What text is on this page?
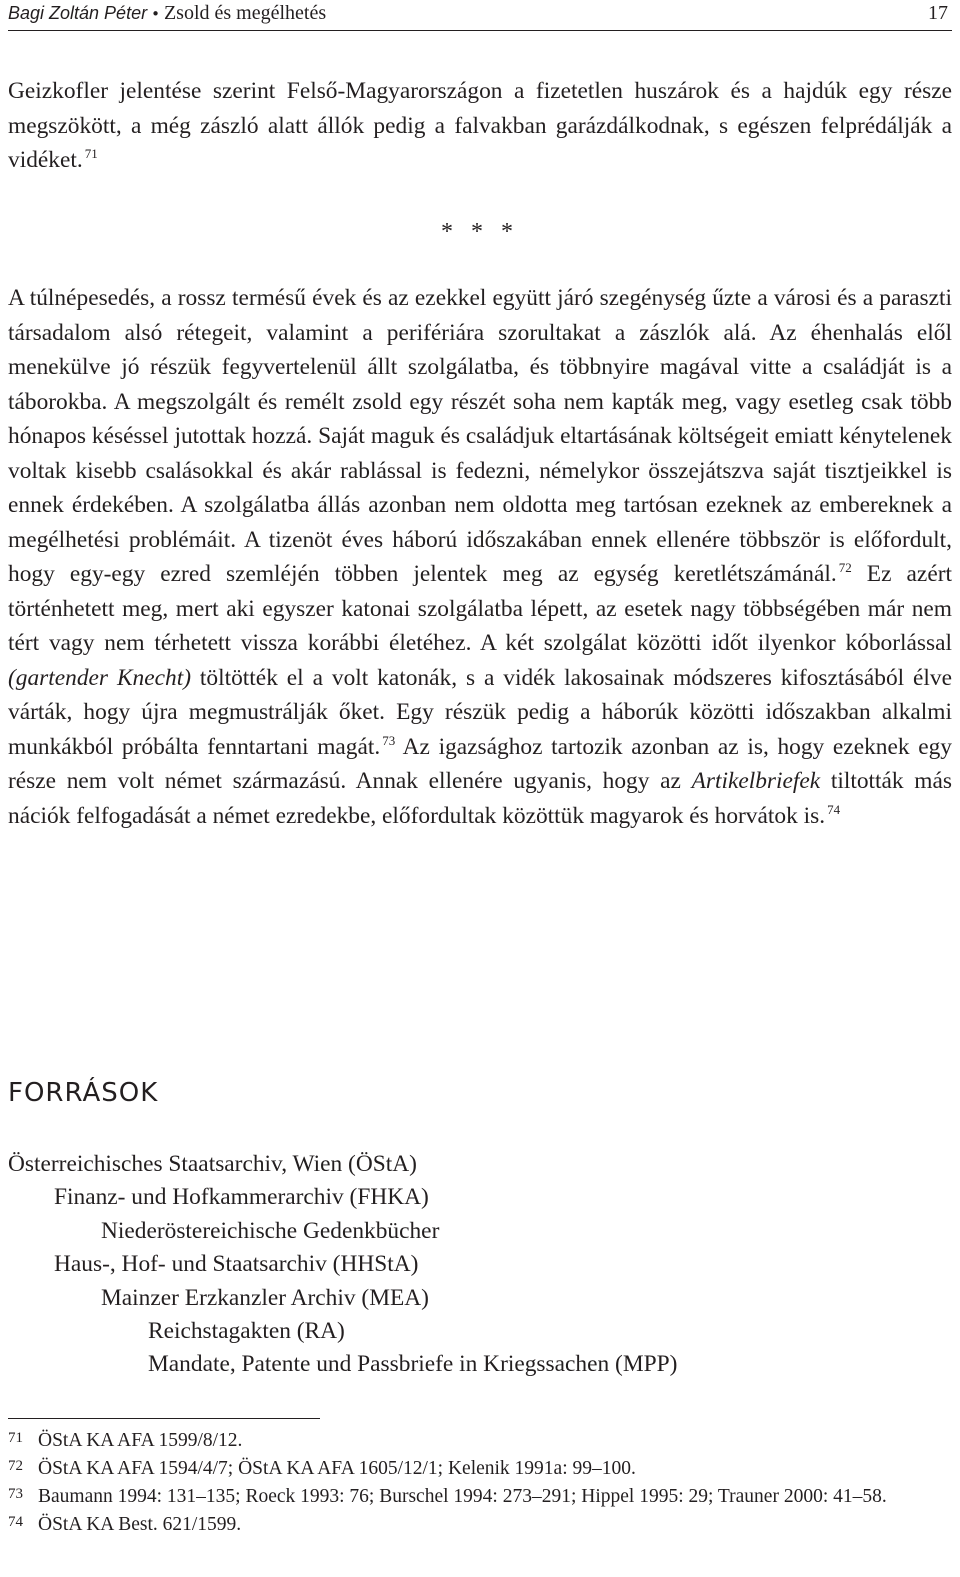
Bagi Zoltán Péter • Zsold és megélhetés	17

Geizkofler jelentése szerint Felső-Magyarországon a fizetetlen huszárok és a hajdúk egy része megszökött, a még zászló alatt állók pedig a falvakban garázdálkodnak, s egészen felprédálják a vidéket. $^{71}$

* * *

A túlnépesedés, a rossz termésű évek és az ezekkel együtt járó szegénység űzte a városi és a paraszti társadalom alsó rétegeit, valamint a perifériára szorultakat a zászlók alá. Az éhenhalás elől menekülve jó részük fegyvertelenül állt szolgálatba, és többnyire magával vitte a családját is a táborokba. A megszolgált és remélt zsold egy részét soha nem kapták meg, vagy esetleg csak több hónapos késéssel jutottak hozzá. Saját maguk és családjuk eltartásának költségeit emiatt kénytelenek voltak kisebb csalásokkal és akár rablással is fedezni, némelykor összejátszva saját tisztjeikkel is ennek érdekében. A szolgálatba állás azonban nem oldotta meg tartósan ezeknek az embereknek a megélhetési problémáit. A tizenöt éves háború időszakában ennek ellenére többször is előfordult, hogy egy-egy ezred szemléjén többen jelentek meg az egység keretlétszámánál. $^{72}$ Ez azért történhetett meg, mert aki egyszer katonai szolgálatba lépett, az esetek nagy többségében már nem tért vagy nem térhetett vissza korábbi életéhez. A két szolgálat közötti időt ilyenkor kóborlással (gartender Knecht) töltötték el a volt katonák, s a vidék lakosainak módszeres kifosztásából élve várták, hogy újra megmustrálják őket. Egy részük pedig a háborúk közötti időszakban alkalmi munkákból próbálta fenntartani magát. $^{73}$ Az igazsághoz tartozik azonban az is, hogy ezeknek egy része nem volt német származású. Annak ellenére ugyanis, hogy az Artikelbriefek tiltották más nációk felfogadását a német ezredekbe, előfordultak közöttük magyarok és horvátok is. $^{74}$

FORRÁSOK
Österreichisches Staatsarchiv, Wien (ÖStA)
Finanz- und Hofkammerarchiv (FHKA)
Niederöstereichische Gedenkbücher
Haus-, Hof- und Staatsarchiv (HHStA)
Mainzer Erzkanzler Archiv (MEA)
Reichstagakten (RA)
Mandate, Patente und Passbriefe in Kriegssachen (MPP)
71 ÖStA KA AFA 1599/8/12.
72 ÖStA KA AFA 1594/4/7; ÖStA KA AFA 1605/12/1; Kelenik 1991a: 99–100.
73 Baumann 1994: 131–135; Roeck 1993: 76; Burschel 1994: 273–291; Hippel 1995: 29; Trauner 2000: 41–58.
74 ÖStA KA Best. 621/1599.
